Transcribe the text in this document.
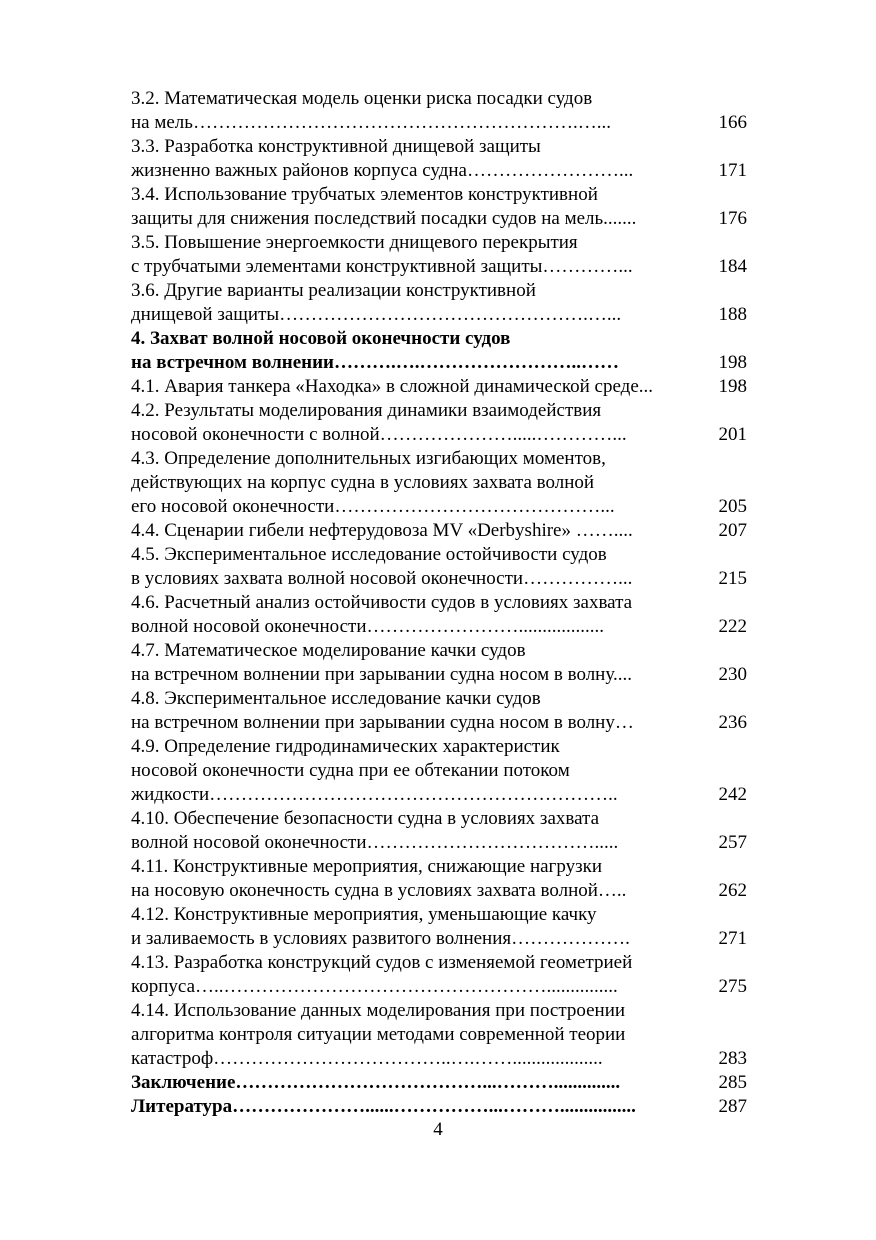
3.2. Математическая модель оценки риска посадки судов
на мель…………………………………………………….…...	166
3.3. Разработка конструктивной днищевой защиты
жизненно важных районов корпуса судна……………………...	171
3.4. Использование трубчатых элементов конструктивной
защиты для снижения последствий посадки судов на мель.......	176
3.5. Повышение энергоемкости днищевого перекрытия
с трубчатыми элементами конструктивной защиты…………...	184
3.6. Другие варианты реализации конструктивной
днищевой защиты………………………………………….…...	188
4. Захват волной носовой оконечности судов
на встречном волнении……….….……………………..……	198
4.1. Авария танкера «Находка» в сложной динамической среде...	198
4.2. Результаты моделирования динамики взаимодействия
носовой оконечности с волной………………….....…………...	201
4.3. Определение дополнительных изгибающих моментов,
действующих на корпус судна в условиях захвата волной
его носовой оконечности……………………………………...	205
4.4. Сценарии гибели нефтерудовоза MV «Derbyshire» ……....	207
4.5. Экспериментальное исследование остойчивости судов
в условиях захвата волной носовой оконечности……………...	215
4.6. Расчетный анализ остойчивости судов в условиях захвата
волной носовой оконечности……………………..................	222
4.7. Математическое моделирование качки судов
на встречном волнении при зарывании судна носом в волну....	230
4.8. Экспериментальное исследование качки судов
на встречном волнении при зарывании судна носом в волну…	236
4.9. Определение гидродинамических характеристик
носовой оконечности судна при ее обтекании потоком
жидкости………………………………………………………..	242
4.10. Обеспечение безопасности судна в условиях захвата
волной носовой оконечности……………………………….....	257
4.11. Конструктивные мероприятия, снижающие нагрузки
на носовую оконечность судна в условиях захвата волной…..	262
4.12. Конструктивные мероприятия, уменьшающие качку
и заливаемость в условиях развитого волнения……………….	271
4.13. Разработка конструкций судов с изменяемой геометрией
корпуса…..……………………………………………...............	275
4.14. Использование данных моделирования при построении
алгоритма контроля ситуации методами современной теории
катастроф………………………………..….……...................	283
Заключение…………………………………...………..............	285
Литература…………………......……………...………................	287
4
